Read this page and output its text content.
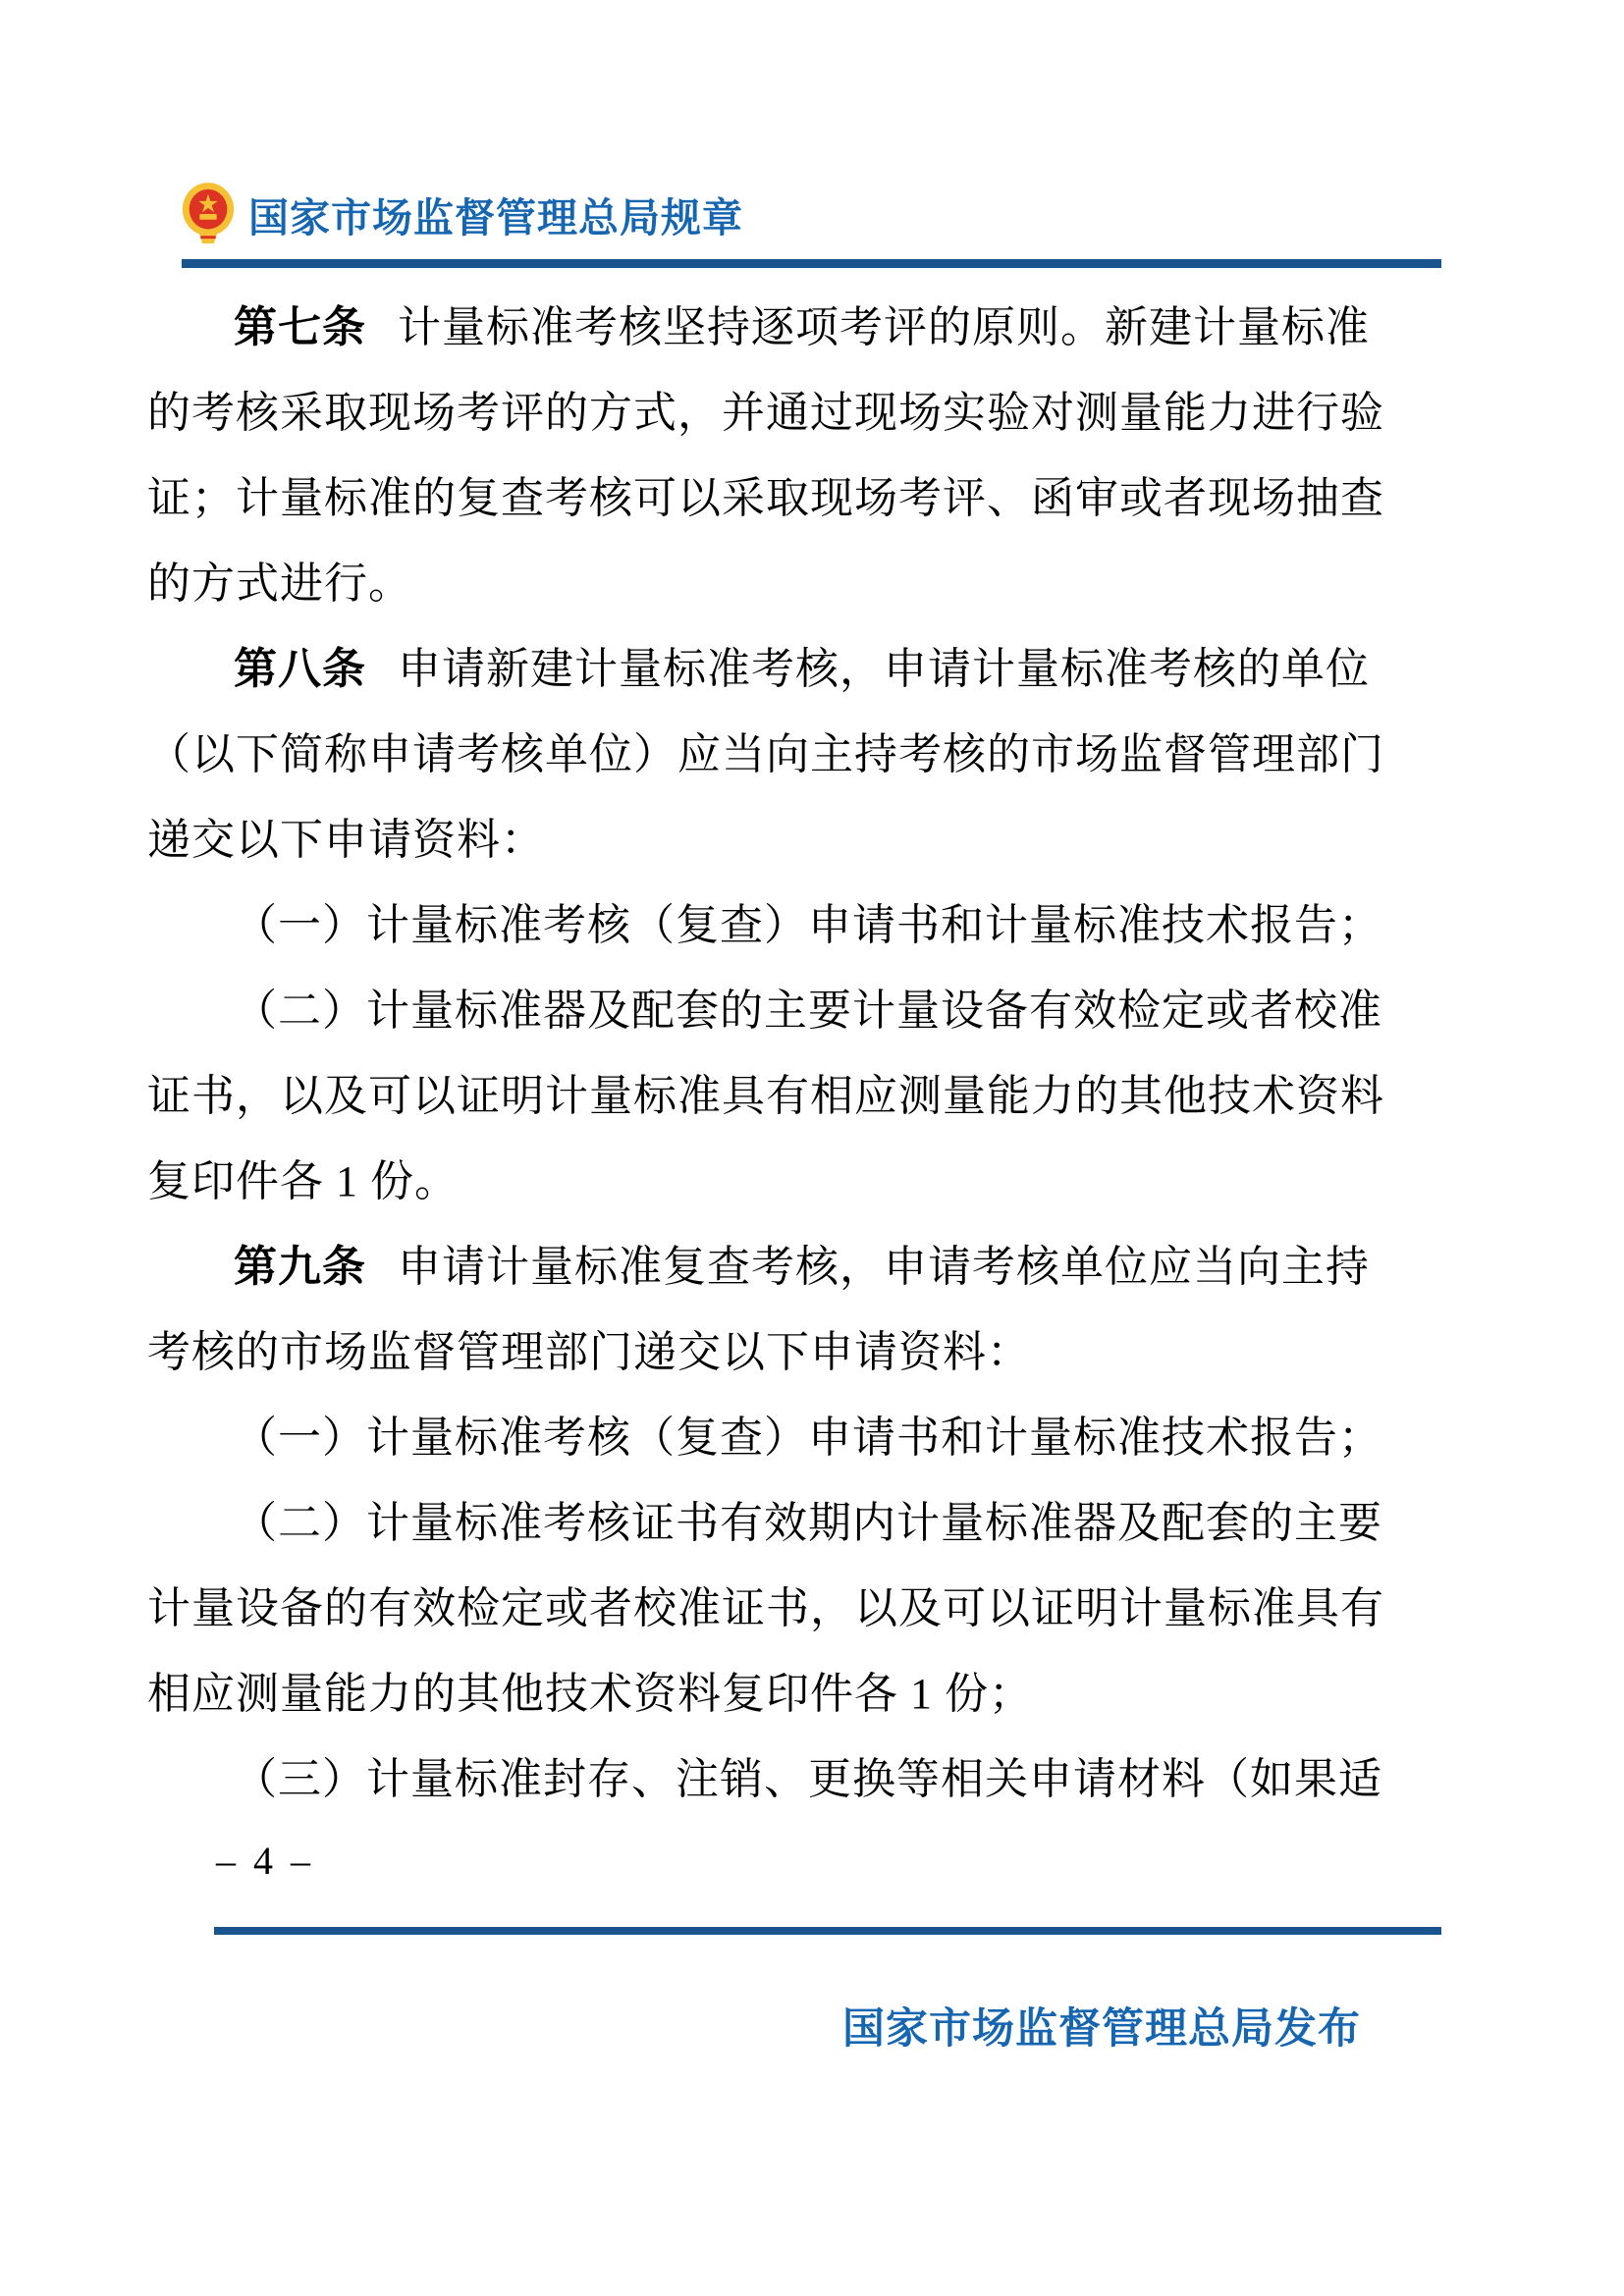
国家市场监督管理总局规章
第七条 计量标准考核坚持逐项考评的原则。新建计量标准
的考核采取现场考评的方式，并通过现场实验对测量能力进行验
证；计量标准的复查考核可以采取现场考评、函审或者现场抽查
的方式进行。
第八条 申请新建计量标准考核，申请计量标准考核的单位
（以下简称申请考核单位）应当向主持考核的市场监督管理部门
递交以下申请资料：
（一）计量标准考核（复查）申请书和计量标准技术报告；
（二）计量标准器及配套的主要计量设备有效检定或者校准
证书，以及可以证明计量标准具有相应测量能力的其他技术资料
复印件各 1 份。
第九条 申请计量标准复查考核，申请考核单位应当向主持
考核的市场监督管理部门递交以下申请资料：
（一）计量标准考核（复查）申请书和计量标准技术报告；
（二）计量标准考核证书有效期内计量标准器及配套的主要
计量设备的有效检定或者校准证书，以及可以证明计量标准具有
相应测量能力的其他技术资料复印件各 1 份；
（三）计量标准封存、注销、更换等相关申请材料（如果适
– 4 –
国家市场监督管理总局发布
